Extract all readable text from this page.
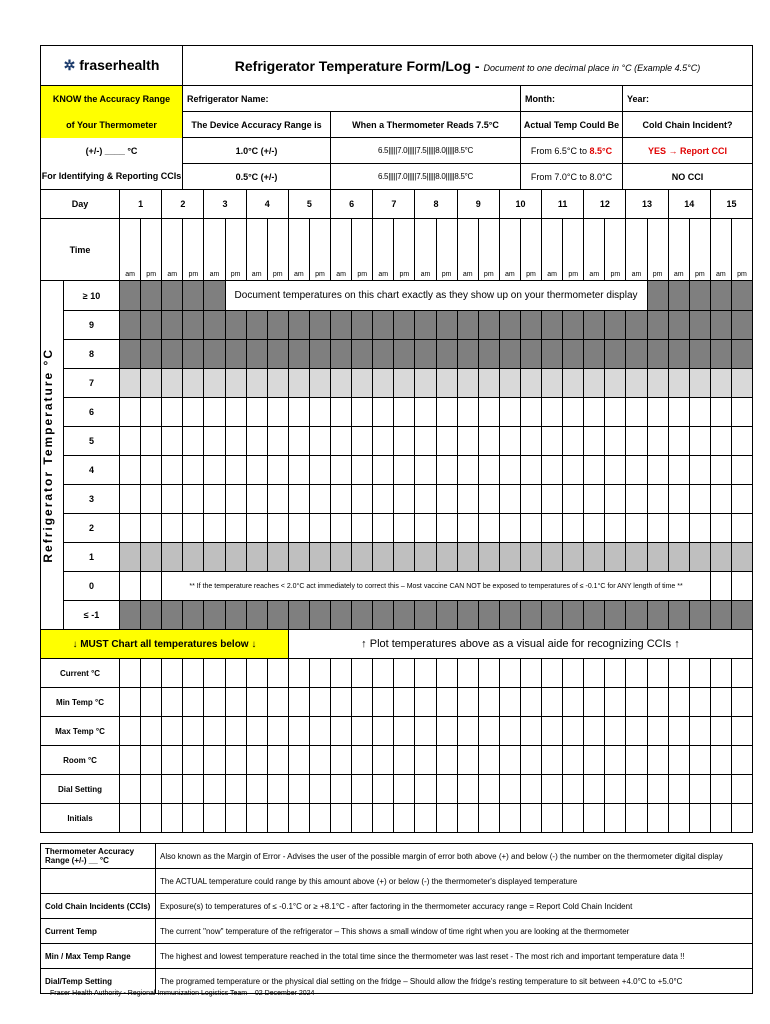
✲ fraserhealth	Refrigerator Temperature Form/Log - Document to one decimal place in °C (Example 4.5°C)			
KNOW the Accuracy Range	Refrigerator Name:		Month:	Year:
of Your Thermometer	The Device Accuracy Range is	When a Thermometer Reads 7.5°C	Actual Temp Could Be	Cold Chain Incident?
(+/-) ____ °C	1.0°C (+/-)	6.5|||||7.0|||||7.5|||||8.0|||||8.5°C	From 6.5°C to 8.5°C	YES → Report CCI
For Identifying & Reporting CCIs	0.5°C (+/-)	6.5|||||7.0|||||7.5|||||8.0|||||8.5°C	From 7.0°C to 8.0°C	NO CCI
Day		1		2		3		4		5		6		7		8		9		10		11		12		13		14		15	
Time		am	pm	am	pm	am	pm	am	pm	am	pm	am	pm	am	pm	am	pm	am	pm	am	pm	am	pm	am	pm	am	pm	am	pm	am	pm

Refrigerator Temperature °C	≥ 10						Document temperatures on this chart exactly as they show up on your thermometer display																								
	9																														
	8																														
	7																														
	6																														
	5																														
	4																														
	3																														
	2																														
	1																														
	0			** If the temperature reaches < 2.0°C act immediately to correct this – Most vaccine CAN NOT be exposed to temperatures of ≤ -0.1°C for ANY length of time **																											
	≤ -1																														
↓ MUST Chart all temperatures below ↓										↑ Plot temperatures above as a visual aide for recognizing CCIs ↑																					
Current °C																															
Min Temp °C																															
Max Temp °C																															
Room °C																															
Dial Setting																															
Initials																															
Thermometer Accuracy Range (+/-) __ °C	Also known as the Margin of Error - Advises the user of the possible margin of error both above (+) and below (-) the number on the thermometer digital display
	The ACTUAL temperature could range by this amount above (+) or below (-) the thermometer's displayed temperature
Cold Chain Incidents (CCIs)	Exposure(s) to temperatures of ≤ -0.1°C or ≥ +8.1°C - after factoring in the thermometer accuracy range = Report Cold Chain Incident
Current Temp	The current "now" temperature of the refrigerator – This shows a small window of time right when you are looking at the thermometer
Min / Max Temp Range	The highest and lowest temperature reached in the total time since the thermometer was last reset - The most rich and important temperature data !!
Dial/Temp Setting	The programed temperature or the physical dial setting on the fridge – Should allow the fridge's resting temperature to sit between +4.0°C to +5.0°C
Fraser Health Authority - Regional Immunization Logistics Team – 02 December 2024
